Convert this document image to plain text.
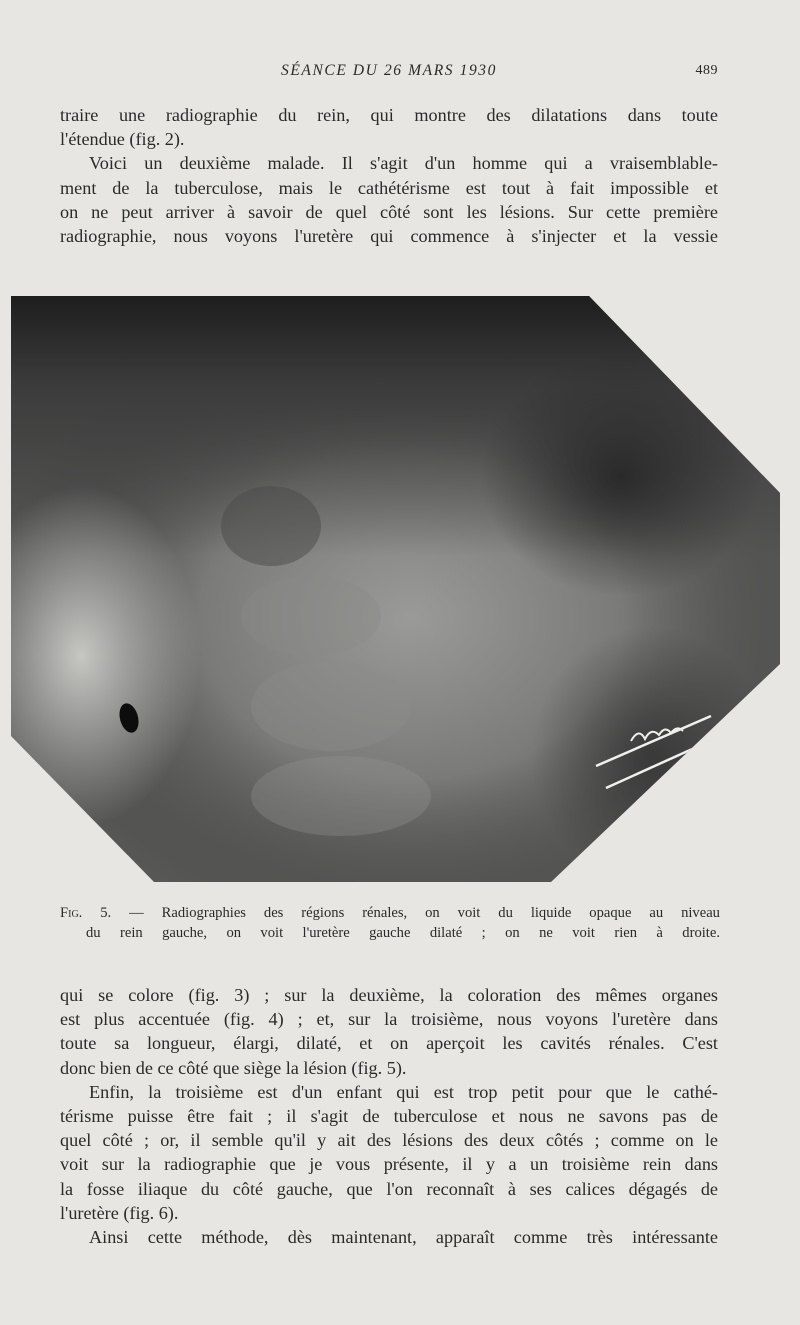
SÉANCE DU 26 MARS 1930	489

traire une radiographie du rein, qui montre des dilatations dans toute

l'étendue (fig. 2).

Voici un deuxième malade. Il s'agit d'un homme qui a vraisemblable-

ment de la tuberculose, mais le cathétérisme est tout à fait impossible et

on ne peut arriver à savoir de quel côté sont les lésions. Sur cette première

radiographie, nous voyons l'uretère qui commence à s'injecter et la vessie

Fig. 5. — Radiographies des régions rénales, on voit du liquide opaque au niveau
du rein gauche, on voit l'uretère gauche dilaté ; on ne voit rien à droite.

qui se colore (fig. 3) ; sur la deuxième, la coloration des mêmes organes

est plus accentuée (fig. 4) ; et, sur la troisième, nous voyons l'uretère dans

toute sa longueur, élargi, dilaté, et on aperçoit les cavités rénales. C'est

donc bien de ce côté que siège la lésion (fig. 5).

Enfin, la troisième est d'un enfant qui est trop petit pour que le cathé-

térisme puisse être fait ; il s'agit de tuberculose et nous ne savons pas de

quel côté ; or, il semble qu'il y ait des lésions des deux côtés ; comme on le

voit sur la radiographie que je vous présente, il y a un troisième rein dans

la fosse iliaque du côté gauche, que l'on reconnaît à ses calices dégagés de

l'uretère (fig. 6).

Ainsi cette méthode, dès maintenant, apparaît comme très intéressante
